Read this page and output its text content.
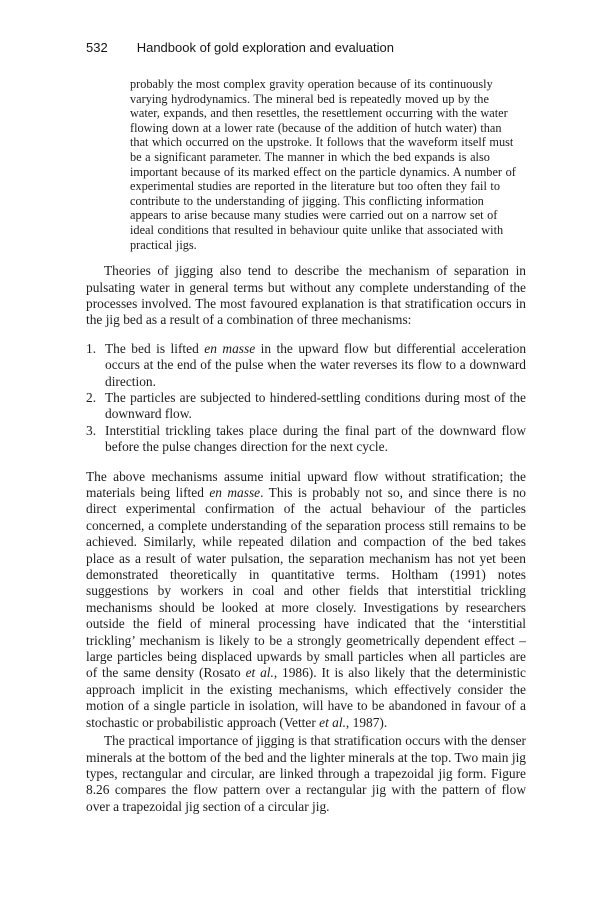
532 Handbook of gold exploration and evaluation

probably the most complex gravity operation because of its continuously varying hydrodynamics. The mineral bed is repeatedly moved up by the water, expands, and then resettles, the resettlement occurring with the water flowing down at a lower rate (because of the addition of hutch water) than that which occurred on the upstroke. It follows that the waveform itself must be a significant parameter. The manner in which the bed expands is also important because of its marked effect on the particle dynamics. A number of experimental studies are reported in the literature but too often they fail to contribute to the understanding of jigging. This conflicting information appears to arise because many studies were carried out on a narrow set of ideal conditions that resulted in behaviour quite unlike that associated with practical jigs.

Theories of jigging also tend to describe the mechanism of separation in pulsating water in general terms but without any complete understanding of the processes involved. The most favoured explanation is that stratification occurs in the jig bed as a result of a combination of three mechanisms:

1. The bed is lifted en masse in the upward flow but differential acceleration occurs at the end of the pulse when the water reverses its flow to a downward direction.

2. The particles are subjected to hindered-settling conditions during most of the downward flow.

3. Interstitial trickling takes place during the final part of the downward flow before the pulse changes direction for the next cycle.

The above mechanisms assume initial upward flow without stratification; the materials being lifted en masse. This is probably not so, and since there is no direct experimental confirmation of the actual behaviour of the particles concerned, a complete understanding of the separation process still remains to be achieved. Similarly, while repeated dilation and compaction of the bed takes place as a result of water pulsation, the separation mechanism has not yet been demonstrated theoretically in quantitative terms. Holtham (1991) notes suggestions by workers in coal and other fields that interstitial trickling mechanisms should be looked at more closely. Investigations by researchers outside the field of mineral processing have indicated that the ‘interstitial trickling’ mechanism is likely to be a strongly geometrically dependent effect – large particles being displaced upwards by small particles when all particles are of the same density (Rosato et al., 1986). It is also likely that the deterministic approach implicit in the existing mechanisms, which effectively consider the motion of a single particle in isolation, will have to be abandoned in favour of a stochastic or probabilistic approach (Vetter et al., 1987).

The practical importance of jigging is that stratification occurs with the denser minerals at the bottom of the bed and the lighter minerals at the top. Two main jig types, rectangular and circular, are linked through a trapezoidal jig form. Figure 8.26 compares the flow pattern over a rectangular jig with the pattern of flow over a trapezoidal jig section of a circular jig.
